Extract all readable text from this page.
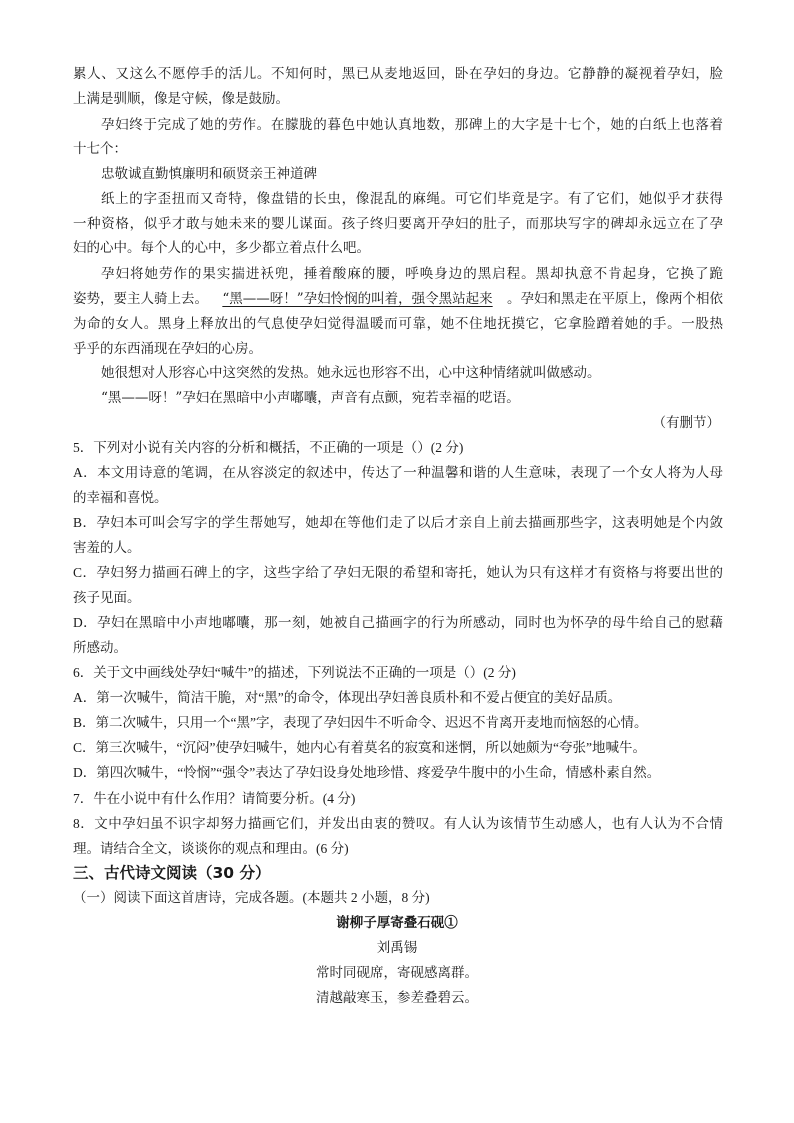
累人、又这么不愿停手的活儿。不知何时，黑已从麦地返回，卧在孕妇的身边。它静静的凝视着孕妇，脸
上满是驯顺，像是守候，像是鼓励。
孕妇终于完成了她的劳作。在朦胧的暮色中她认真地数，那碑上的大字是十七个，她的白纸上也落着
十七个：
忠敬诚直勤慎廉明和硕贤亲王神道碑
纸上的字歪扭而又奇特，像盘错的长虫，像混乱的麻绳。可它们毕竟是字。有了它们，她似乎才获得
一种资格，似乎才敢与她未来的婴儿谋面。孩子终归要离开孕妇的肚子，而那块写字的碑却永远立在了孕
妇的心中。每个人的心中，多少都立着点什么吧。
孕妇将她劳作的果实揣进袄兜，捶着酸麻的腰，呼唤身边的黑启程。黑却执意不肯起身，它换了跪
姿势，要主人骑上去。 “黑——呀！”孕妇怜悯的叫着，强令黑站起来 。孕妇和黑走在平原上，像两个相依
为命的女人。黑身上释放出的气息使孕妇觉得温暖而可靠，她不住地抚摸它，它拿脸蹭着她的手。一股热
乎乎的东西涌现在孕妇的心房。
她很想对人形容心中这突然的发热。她永远也形容不出，心中这种情绪就叫做感动。
“黑——呀！”孕妇在黑暗中小声嘟囔，声音有点颤，宛若幸福的呓语。
（有删节）
5．下列对小说有关内容的分析和概括，不正确的一项是（）(2 分)
A．本文用诗意的笔调，在从容淡定的叙述中，传达了一种温馨和谐的人生意味，表现了一个女人将为人母
的幸福和喜悦。
B．孕妇本可叫会写字的学生帮她写，她却在等他们走了以后才亲自上前去描画那些字，这表明她是个内敛
害羞的人。
C．孕妇努力描画石碑上的字，这些字给了孕妇无限的希望和寄托，她认为只有这样才有资格与将要出世的
孩子见面。
D．孕妇在黑暗中小声地嘟囔，那一刻，她被自己描画字的行为所感动，同时也为怀孕的母牛给自己的慰藉
所感动。
6．关于文中画线处孕妇“喊牛”的描述，下列说法不正确的一项是（）(2 分)
A．第一次喊牛，简洁干脆，对“黑”的命令，体现出孕妇善良质朴和不爱占便宜的美好品质。
B．第二次喊牛，只用一个“黑”字，表现了孕妇因牛不听命令、迟迟不肯离开麦地而恼怒的心情。
C．第三次喊牛，“沉闷”使孕妇喊牛，她内心有着莫名的寂寞和迷惘，所以她颇为“夸张”地喊牛。
D．第四次喊牛，“怜悯”“强令”表达了孕妇设身处地珍惜、疼爱孕牛腹中的小生命，情感朴素自然。
7．牛在小说中有什么作用？请简要分析。(4 分)
8．文中孕妇虽不识字却努力描画它们，并发出由衷的赞叹。有人认为该情节生动感人，也有人认为不合情
理。请结合全文，谈谈你的观点和理由。(6 分)
三、古代诗文阅读（30 分）
（一）阅读下面这首唐诗，完成各题。(本题共 2 小题，8 分)
谢柳子厚寄叠石砚①
刘禹锡
常时同砚席，寄砚感离群。
清越敲寒玉，参差叠碧云。
